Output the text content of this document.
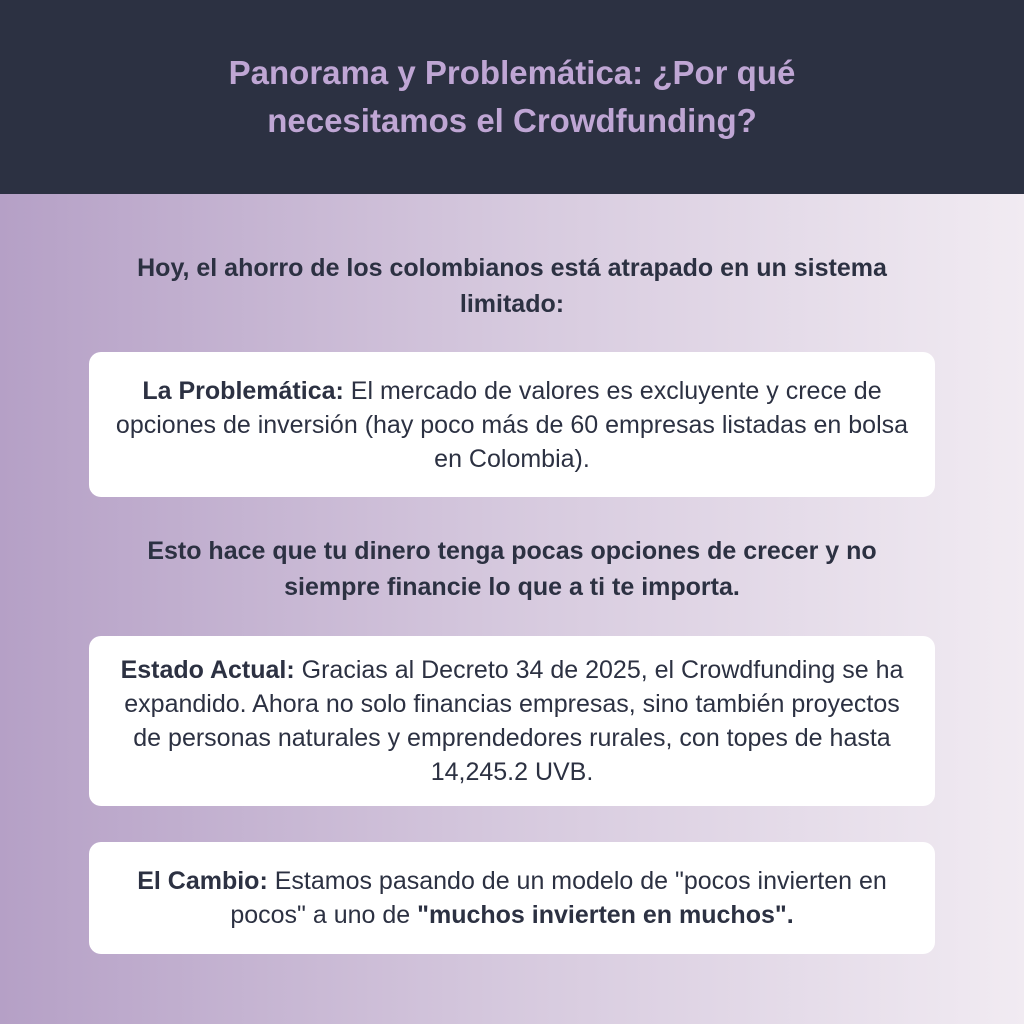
Panorama y Problemática: ¿Por qué necesitamos el Crowdfunding?
Hoy, el ahorro de los colombianos está atrapado en un sistema limitado:

La Problemática: El mercado de valores es excluyente y crece de opciones de inversión (hay poco más de 60 empresas listadas en bolsa en Colombia).

Esto hace que tu dinero tenga pocas opciones de crecer y no siempre financie lo que a ti te importa.

Estado Actual: Gracias al Decreto 34 de 2025, el Crowdfunding se ha expandido. Ahora no solo financias empresas, sino también proyectos de personas naturales y emprendedores rurales, con topes de hasta 14,245.2 UVB.

El Cambio: Estamos pasando de un modelo de "pocos invierten en pocos" a uno de "muchos invierten en muchos".
